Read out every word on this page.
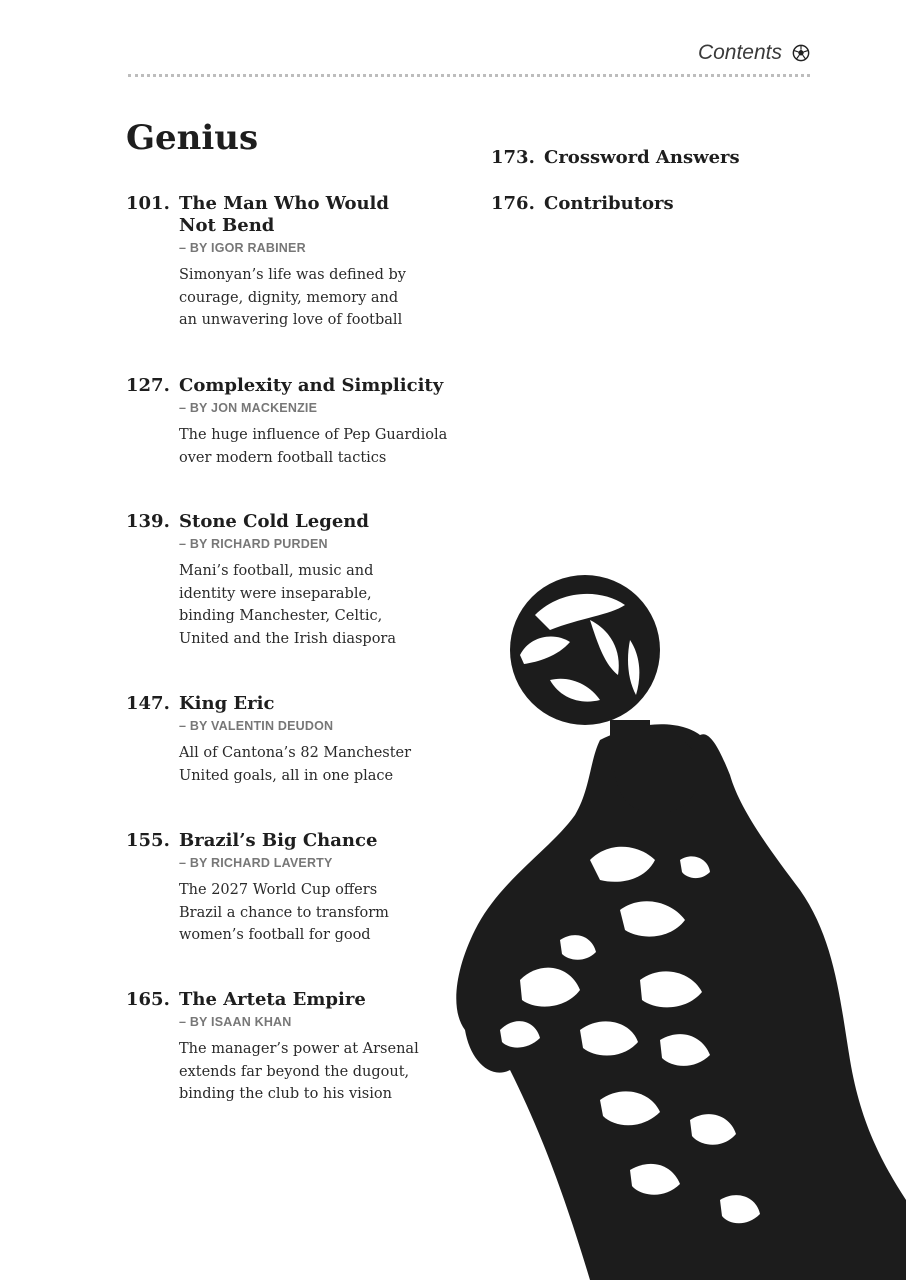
Contents
Genius
101. The Man Who Would
Not Bend
– BY IGOR RABINER
Simonyan’s life was defined by
courage, dignity, memory and
an unwavering love of football
127. Complexity and Simplicity
– BY JON MACKENZIE
The huge influence of Pep Guardiola
over modern football tactics
139. Stone Cold Legend
– BY RICHARD PURDEN
Mani’s football, music and
identity were inseparable,
binding Manchester, Celtic,
United and the Irish diaspora
147. King Eric
– BY VALENTIN DEUDON
All of Cantona’s 82 Manchester
United goals, all in one place
155. Brazil’s Big Chance
– BY RICHARD LAVERTY
The 2027 World Cup offers
Brazil a chance to transform
women’s football for good
165. The Arteta Empire
– BY ISAAN KHAN
The manager’s power at Arsenal
extends far beyond the dugout,
binding the club to his vision
173. Crossword Answers
176. Contributors
